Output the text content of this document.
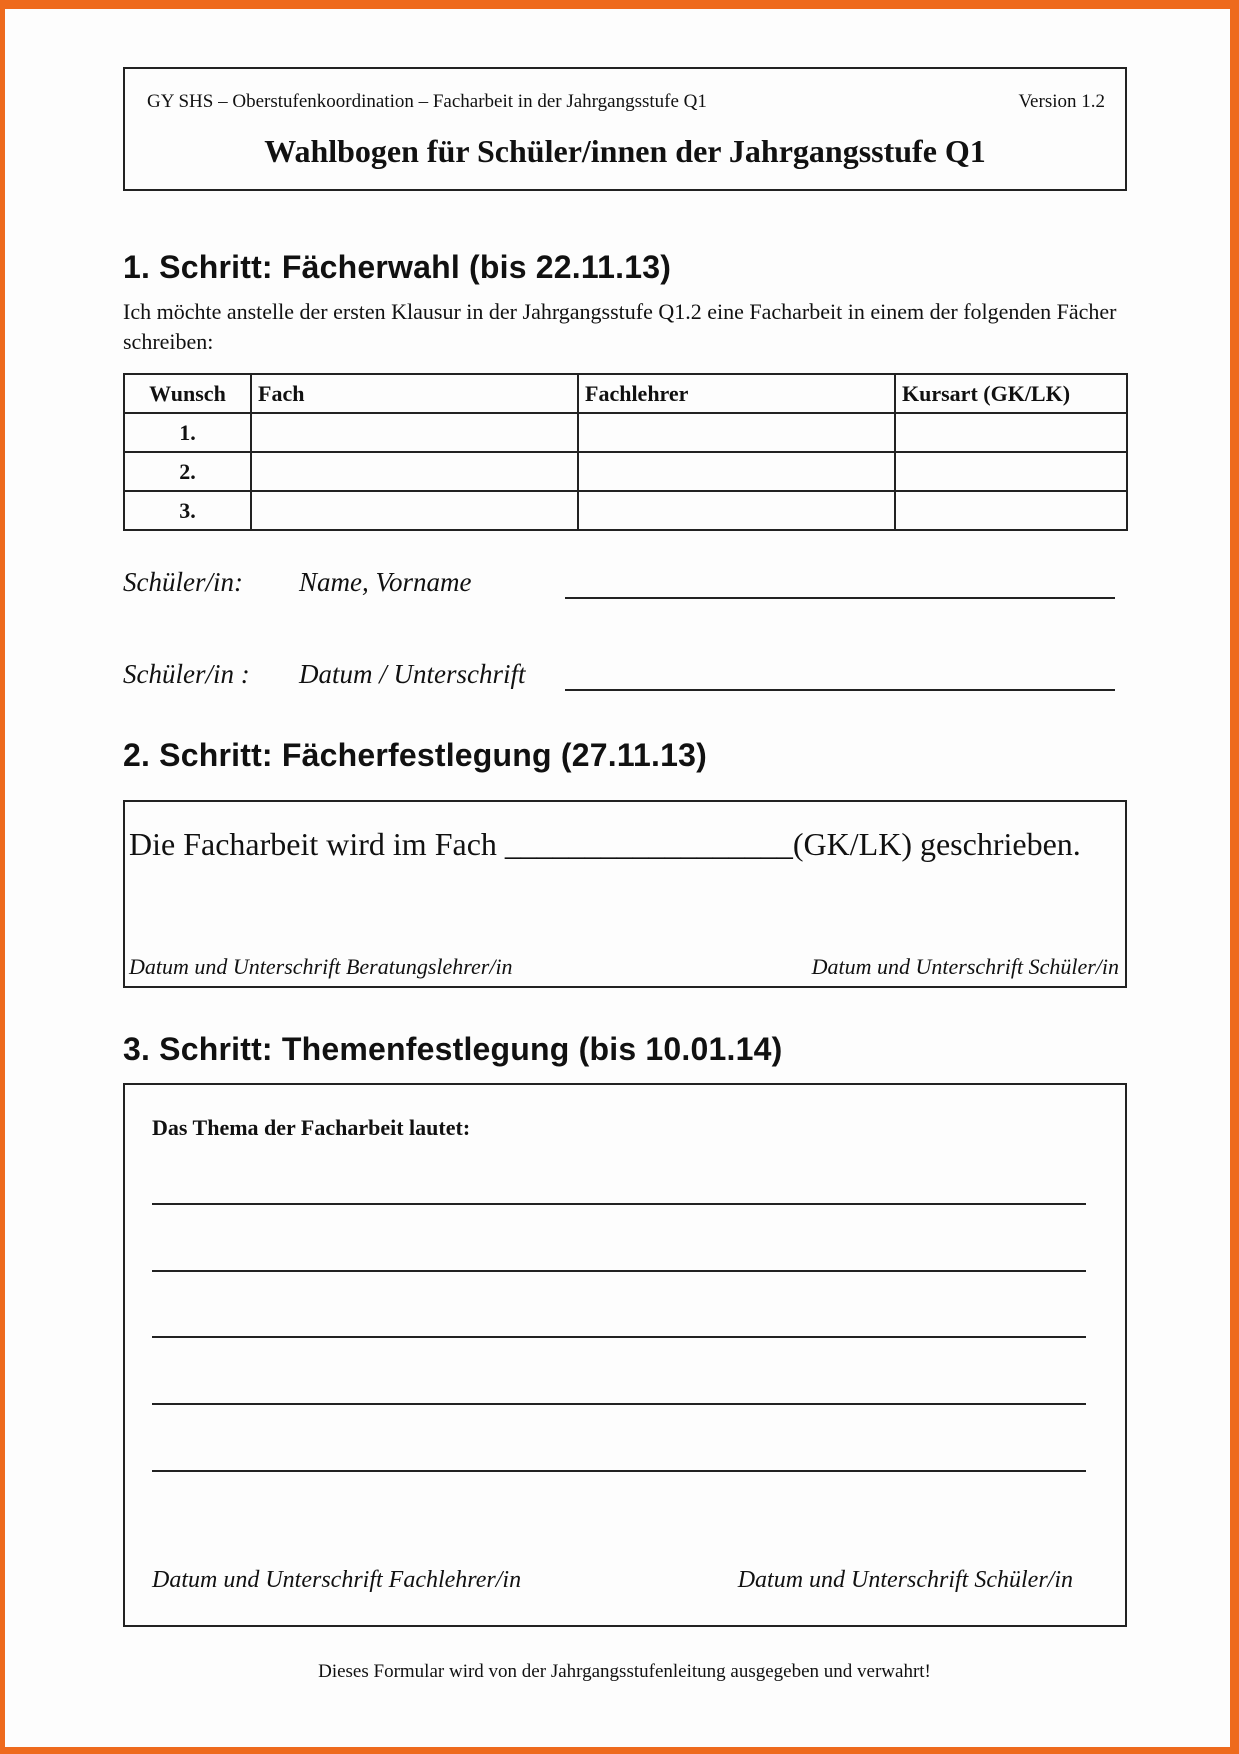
GY SHS – Oberstufenkoordination – Facharbeit in der Jahrgangsstufe Q1	Version 1.2
Wahlbogen für Schüler/innen der Jahrgangsstufe Q1
1. Schritt: Fächerwahl (bis 22.11.13)
Ich möchte anstelle der ersten Klausur in der Jahrgangsstufe Q1.2 eine Facharbeit in einem der folgenden Fächer schreiben:
Wunsch	Fach	Fachlehrer	Kursart (GK/LK)
1.			
2.			
3.			
Schüler/in: Name, Vorname
Schüler/in : Datum / Unterschrift
2. Schritt: Fächerfestlegung (27.11.13)
Die Facharbeit wird im Fach __________________(GK/LK) geschrieben.
Datum und Unterschrift Beratungslehrer/in	Datum und Unterschrift Schüler/in
3. Schritt: Themenfestlegung (bis 10.01.14)
Das Thema der Facharbeit lautet:
Datum und Unterschrift Fachlehrer/in	Datum und Unterschrift Schüler/in
Dieses Formular wird von der Jahrgangsstufenleitung ausgegeben und verwahrt!
